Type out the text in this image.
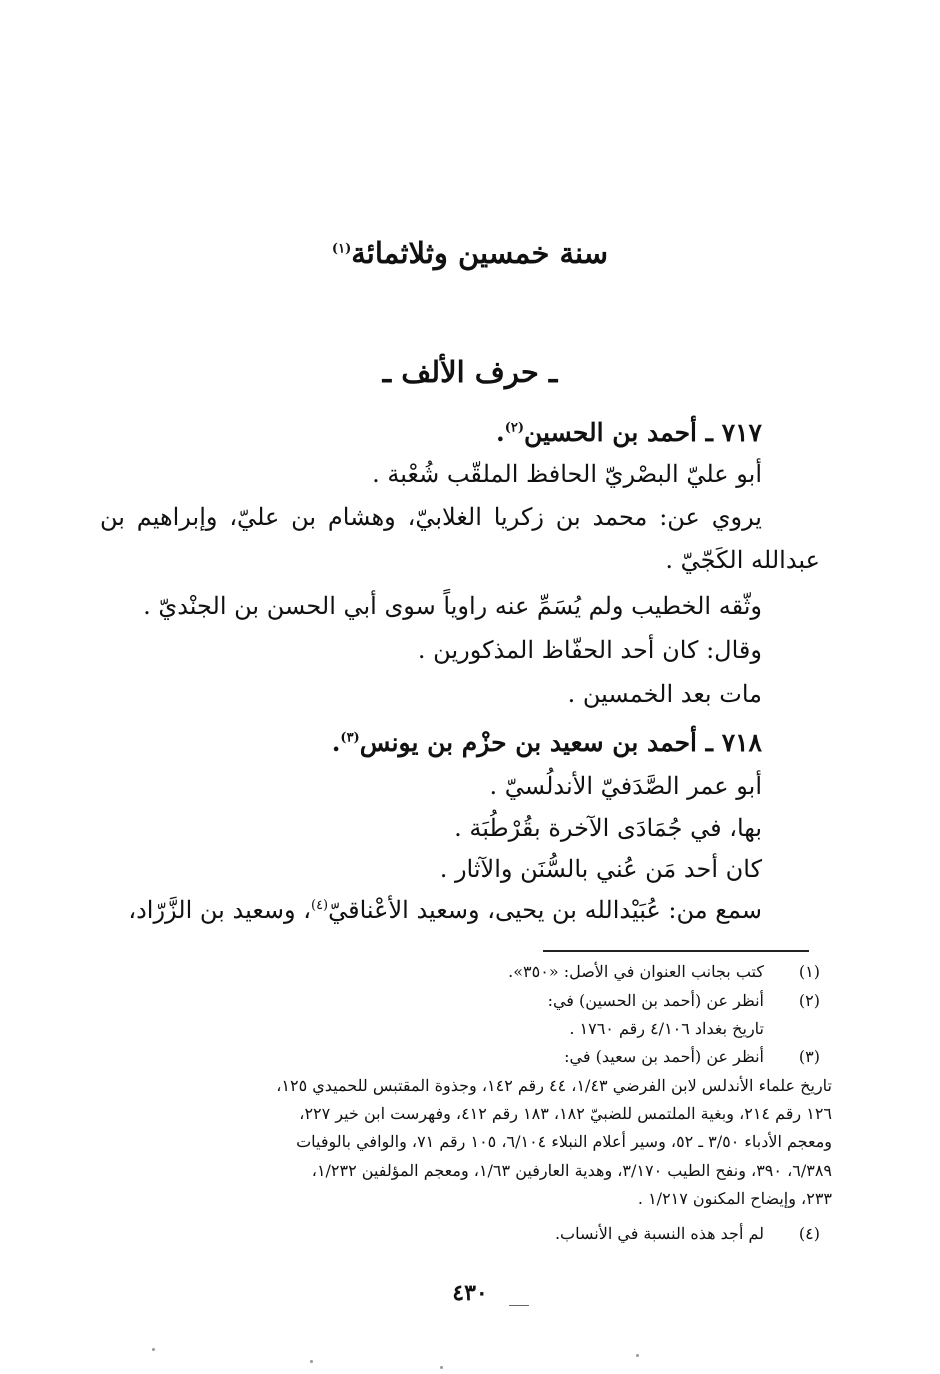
سنة خمسين وثلاثمائة$^{(١)}$
ـ حرف الألف ـ
٧١٧ ـ أحمد بن الحسين$^{(٢)}$.
أبو عليّ البصْريّ الحافظ الملقّب شُعْبة .
يروي عن: محمد بن زكريا الغلابيّ، وهشام بن عليّ، وإبراهيم بن
عبدالله الكَجّيّ .
وثّقه الخطيب ولم يُسَمِّ عنه راوياً سوى أبي الحسن بن الجنْديّ .
وقال: كان أحد الحفّاظ المذكورين .
مات بعد الخمسين .
٧١٨ ـ أحمد بن سعيد بن حزْم بن يونس$^{(٣)}$.
أبو عمر الصَّدَفيّ الأندلُسيّ .
بها، في جُمَادَى الآخرة بقُرْطُبَة .
كان أحد مَن عُني بالسُّنَن والآثار .
سمع من: عُبَيْدالله بن يحيى، وسعيد الأعْناقيّ$^{(٤)}$، وسعيد بن الزَّرّاد،
(١)
كتب بجانب العنوان في الأصل: «٣٥٠».
(٢)
أنظر عن (أحمد بن الحسين) في:
تاريخ بغداد ٤/١٠٦ رقم ١٧٦٠ .
(٣)
أنظر عن (أحمد بن سعيد) في:
تاريخ علماء الأندلس لابن الفرضي ١/٤٣، ٤٤ رقم ١٤٢، وجذوة المقتبس للحميدي ١٢٥،
١٢٦ رقم ٢١٤، وبغية الملتمس للضبيّ ١٨٢، ١٨٣ رقم ٤١٢، وفهرست ابن خير ٢٢٧،
ومعجم الأدباء ٣/٥٠ ـ ٥٢، وسير أعلام النبلاء ٦/١٠٤، ١٠٥ رقم ٧١، والوافي بالوفيات
٦/٣٨٩، ٣٩٠، ونفح الطيب ٣/١٧٠، وهدية العارفين ١/٦٣، ومعجم المؤلفين ١/٢٣٢،
٢٣٣، وإيضاح المكنون ١/٢١٧ .
(٤)
لم أجد هذه النسبة في الأنساب.
٤٣٠
